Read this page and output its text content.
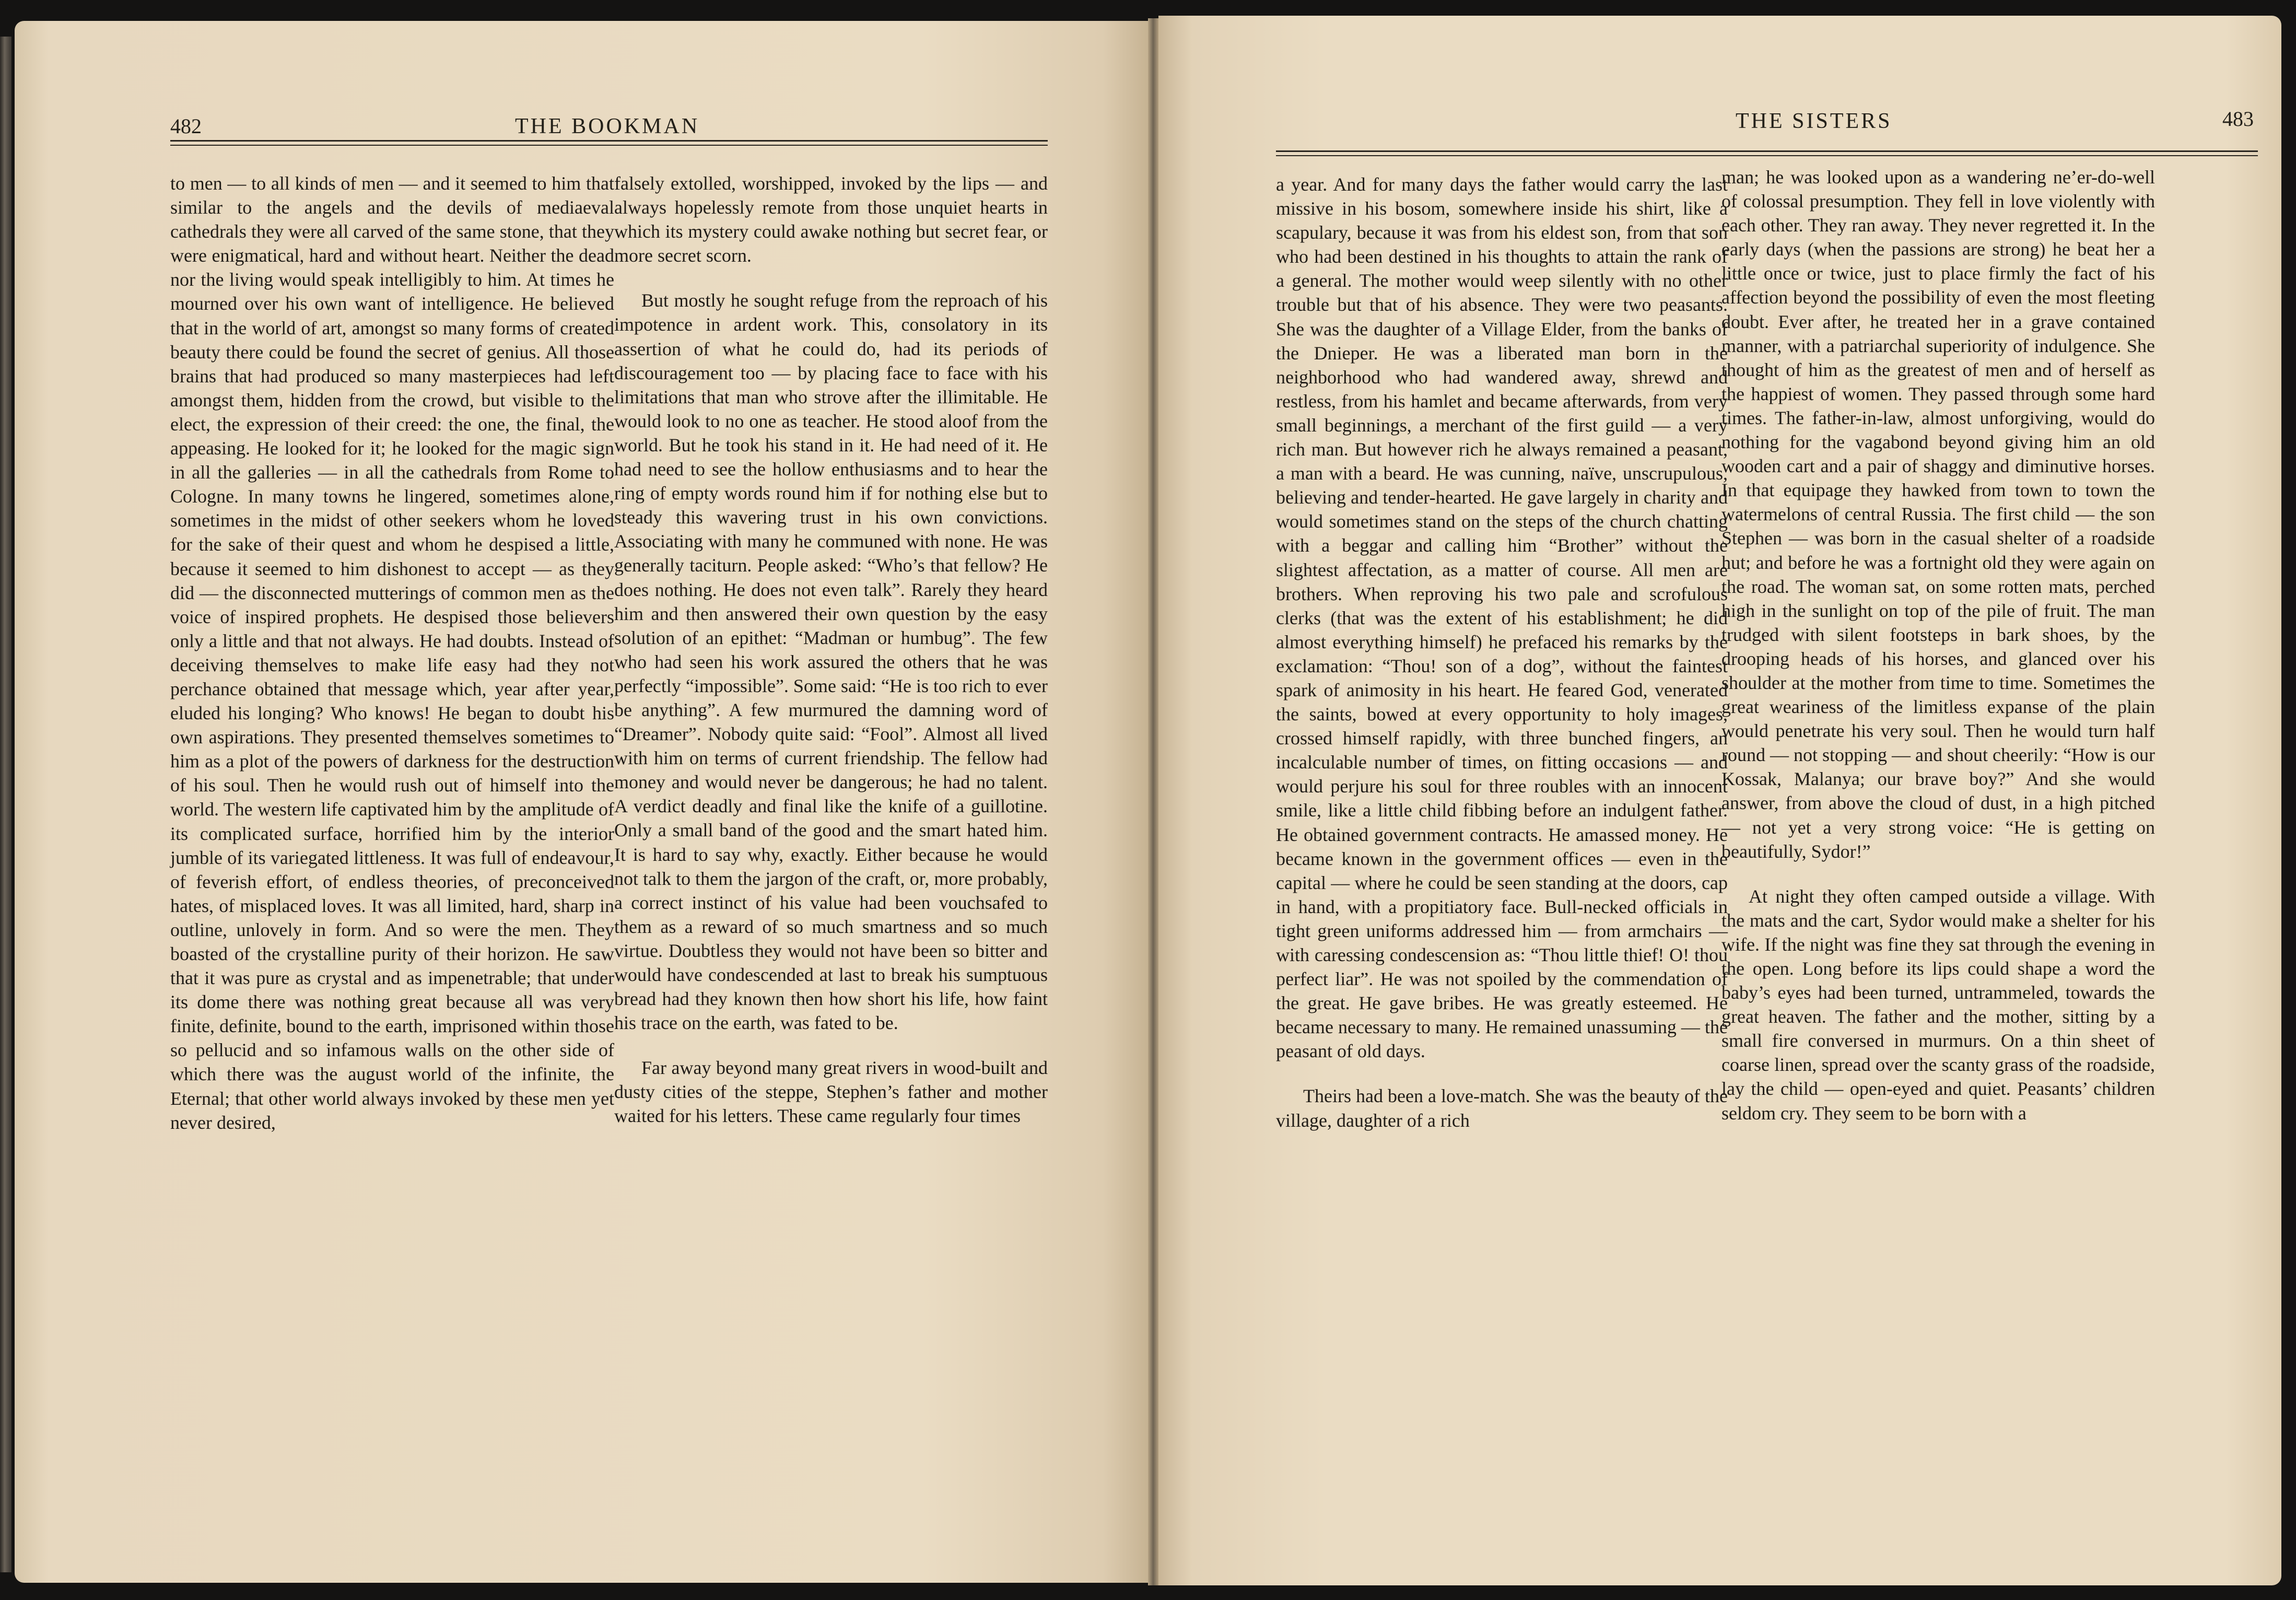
482	THE BOOKMAN

to men — to all kinds of men — and it seemed to him that similar to the angels and the devils of mediaeval cathedrals they were all carved of the same stone, that they were enigmatical, hard and without heart. Neither the dead nor the living would speak intelligibly to him. At times he mourned over his own want of intelligence. He believed that in the world of art, amongst so many forms of created beauty there could be found the secret of genius. All those brains that had produced so many masterpieces had left amongst them, hidden from the crowd, but visible to the elect, the expression of their creed: the one, the final, the appeasing. He looked for it; he looked for the magic sign in all the galleries — in all the cathedrals from Rome to Cologne. In many towns he lingered, sometimes alone, sometimes in the midst of other seekers whom he loved for the sake of their quest and whom he despised a little, because it seemed to him dishonest to accept — as they did — the disconnected mutterings of common men as the voice of inspired prophets. He despised those believers only a little and that not always. He had doubts. Instead of deceiving themselves to make life easy had they not perchance obtained that message which, year after year, eluded his longing? Who knows! He began to doubt his own aspirations. They presented themselves sometimes to him as a plot of the powers of darkness for the destruction of his soul. Then he would rush out of himself into the world. The western life captivated him by the amplitude of its complicated surface, horrified him by the interior jumble of its variegated littleness. It was full of endeavour, of feverish effort, of endless theories, of preconceived hates, of misplaced loves. It was all limited, hard, sharp in outline, unlovely in form. And so were the men. They boasted of the crystalline purity of their horizon. He saw that it was pure as crystal and as impenetrable; that under its dome there was nothing great because all was very finite, definite, bound to the earth, imprisoned within those so pellucid and so infamous walls on the other side of which there was the august world of the infinite, the Eternal; that other world always invoked by these men yet never desired,

falsely extolled, worshipped, invoked by the lips — and always hopelessly remote from those unquiet hearts in which its mystery could awake nothing but secret fear, or more secret scorn.

But mostly he sought refuge from the reproach of his impotence in ardent work. This, consolatory in its assertion of what he could do, had its periods of discouragement too — by placing face to face with his limitations that man who strove after the illimitable. He would look to no one as teacher. He stood aloof from the world. But he took his stand in it. He had need of it. He had need to see the hollow enthusiasms and to hear the ring of empty words round him if for nothing else but to steady this wavering trust in his own convictions. Associating with many he communed with none. He was generally taciturn. People asked: “Who’s that fellow? He does nothing. He does not even talk”. Rarely they heard him and then answered their own question by the easy solution of an epithet: “Madman or humbug”. The few who had seen his work assured the others that he was perfectly “impossible”. Some said: “He is too rich to ever be anything”. A few murmured the damning word of “Dreamer”. Nobody quite said: “Fool”. Almost all lived with him on terms of current friendship. The fellow had money and would never be dangerous; he had no talent. A verdict deadly and final like the knife of a guillotine. Only a small band of the good and the smart hated him. It is hard to say why, exactly. Either because he would not talk to them the jargon of the craft, or, more probably, a correct instinct of his value had been vouchsafed to them as a reward of so much smartness and so much virtue. Doubtless they would not have been so bitter and would have condescended at last to break his sumptuous bread had they known then how short his life, how faint his trace on the earth, was fated to be.

Far away beyond many great rivers in wood-built and dusty cities of the steppe, Stephen’s father and mother waited for his letters. These came regularly four times

THE SISTERS	483

a year. And for many days the father would carry the last missive in his bosom, somewhere inside his shirt, like a scapulary, because it was from his eldest son, from that son who had been destined in his thoughts to attain the rank of a general. The mother would weep silently with no other trouble but that of his absence. They were two peasants. She was the daughter of a Village Elder, from the banks of the Dnieper. He was a liberated man born in the neighborhood who had wandered away, shrewd and restless, from his hamlet and became afterwards, from very small beginnings, a merchant of the first guild — a very rich man. But however rich he always remained a peasant, a man with a beard. He was cunning, naïve, unscrupulous, believing and tender-hearted. He gave largely in charity and would sometimes stand on the steps of the church chatting with a beggar and calling him “Brother” without the slightest affectation, as a matter of course. All men are brothers. When reproving his two pale and scrofulous clerks (that was the extent of his establishment; he did almost everything himself) he prefaced his remarks by the exclamation: “Thou! son of a dog”, without the faintest spark of animosity in his heart. He feared God, venerated the saints, bowed at every opportunity to holy images, crossed himself rapidly, with three bunched fingers, an incalculable number of times, on fitting occasions — and would perjure his soul for three roubles with an innocent smile, like a little child fibbing before an indulgent father. He obtained government contracts. He amassed money. He became known in the government offices — even in the capital — where he could be seen standing at the doors, cap in hand, with a propitiatory face. Bull-necked officials in tight green uniforms addressed him — from armchairs — with caressing condescension as: “Thou little thief! O! thou perfect liar”. He was not spoiled by the commendation of the great. He gave bribes. He was greatly esteemed. He became necessary to many. He remained unassuming — the peasant of old days.

Theirs had been a love-match. She was the beauty of the village, daughter of a rich

man; he was looked upon as a wandering ne’er-do-well of colossal presumption. They fell in love violently with each other. They ran away. They never regretted it. In the early days (when the passions are strong) he beat her a little once or twice, just to place firmly the fact of his affection beyond the possibility of even the most fleeting doubt. Ever after, he treated her in a grave contained manner, with a patriarchal superiority of indulgence. She thought of him as the greatest of men and of herself as the happiest of women. They passed through some hard times. The father-in-law, almost unforgiving, would do nothing for the vagabond beyond giving him an old wooden cart and a pair of shaggy and diminutive horses. In that equipage they hawked from town to town the watermelons of central Russia. The first child — the son Stephen — was born in the casual shelter of a roadside hut; and before he was a fortnight old they were again on the road. The woman sat, on some rotten mats, perched high in the sunlight on top of the pile of fruit. The man trudged with silent footsteps in bark shoes, by the drooping heads of his horses, and glanced over his shoulder at the mother from time to time. Sometimes the great weariness of the limitless expanse of the plain would penetrate his very soul. Then he would turn half round — not stopping — and shout cheerily: “How is our Kossak, Malanya; our brave boy?” And she would answer, from above the cloud of dust, in a high pitched — not yet a very strong voice: “He is getting on beautifully, Sydor!”

At night they often camped outside a village. With the mats and the cart, Sydor would make a shelter for his wife. If the night was fine they sat through the evening in the open. Long before its lips could shape a word the baby’s eyes had been turned, untrammeled, towards the great heaven. The father and the mother, sitting by a small fire conversed in murmurs. On a thin sheet of coarse linen, spread over the scanty grass of the roadside, lay the child — open-eyed and quiet. Peasants’ children seldom cry. They seem to be born with a
